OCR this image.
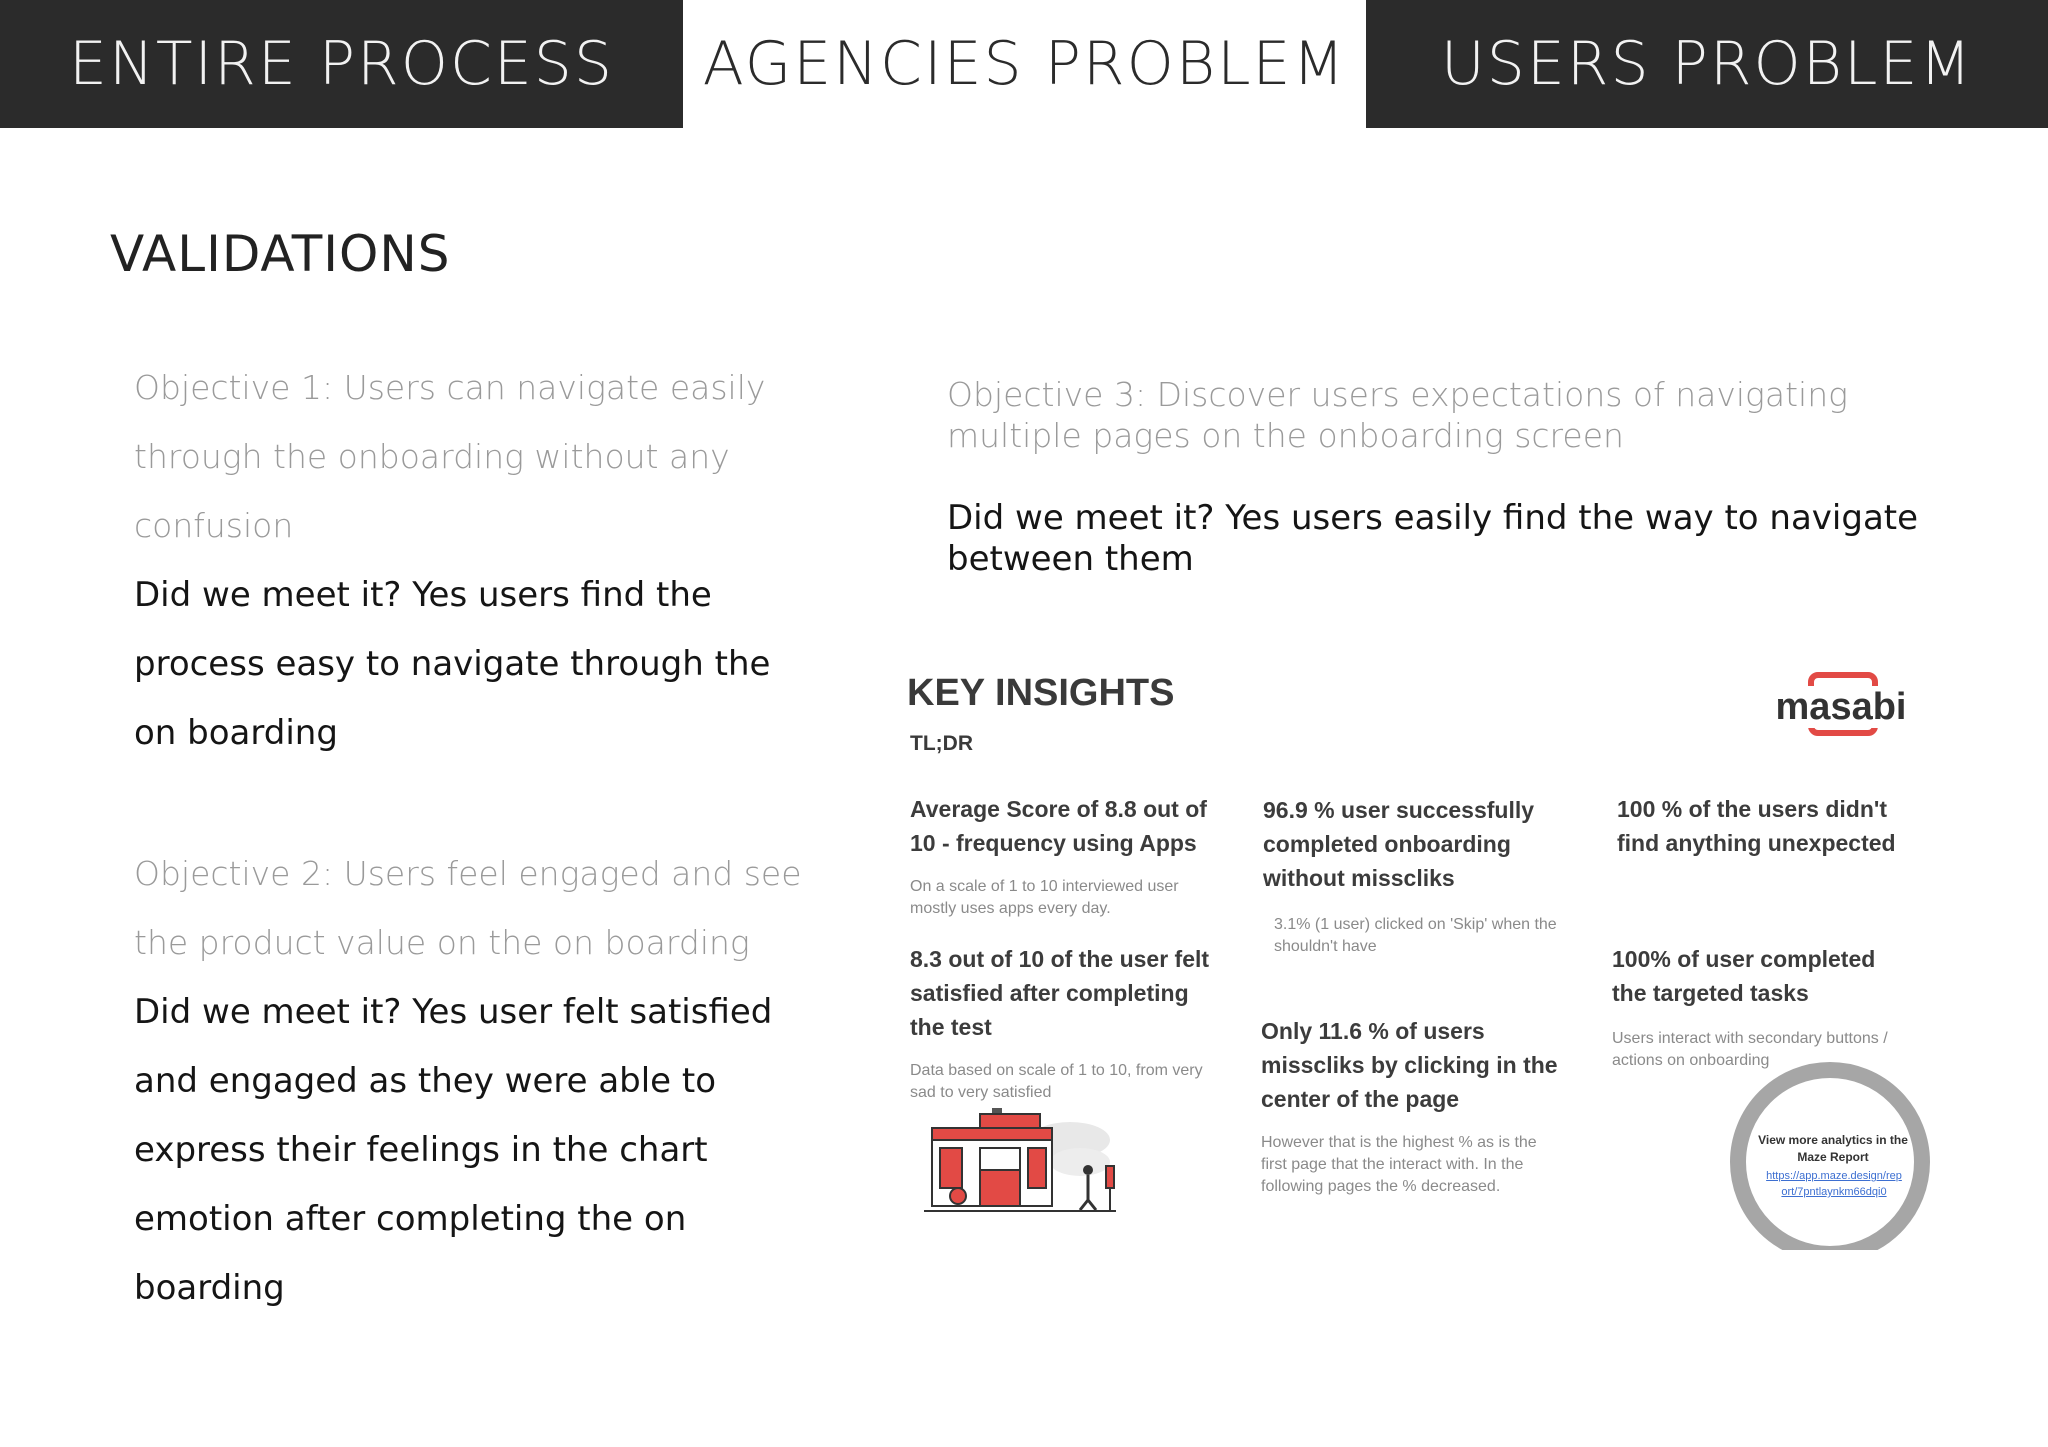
ENTIRE PROCESS	AGENCIES PROBLEM	USERS PROBLEM
VALIDATIONS
Objective 1: Users can navigate easily through the onboarding without any confusion
Did we meet it? Yes users find the process easy to navigate through the on boarding
Objective 2: Users feel engaged and see the product value on the on boarding
Did we meet it? Yes user felt satisfied and engaged as they were able to express their feelings in the chart emotion after completing the on boarding
Objective 3: Discover users expectations of navigating multiple pages on the onboarding screen
Did we meet it? Yes users easily find the way to navigate between them
KEY INSIGHTS
TL;DR
masabi
Average Score of 8.8 out of 10 - frequency using Apps
On a scale of 1 to 10 interviewed user mostly uses apps every day.
8.3 out of 10 of the user felt satisfied after completing the test
Data based on scale of 1 to 10, from very sad to very satisfied
96.9 % user successfully completed onboarding without misscliks
3.1% (1 user) clicked on 'Skip' when the shouldn't have
Only 11.6 % of users misscliks by clicking in the center of the page
However that is the highest % as is the first page that the interact with. In the following pages the % decreased.
100 % of the users didn't find anything unexpected
100% of user completed the targeted tasks
Users interact with secondary buttons / actions on onboarding
View more analytics in the Maze Report
https://app.maze.design/report/7pntlaynkm66dqi0
